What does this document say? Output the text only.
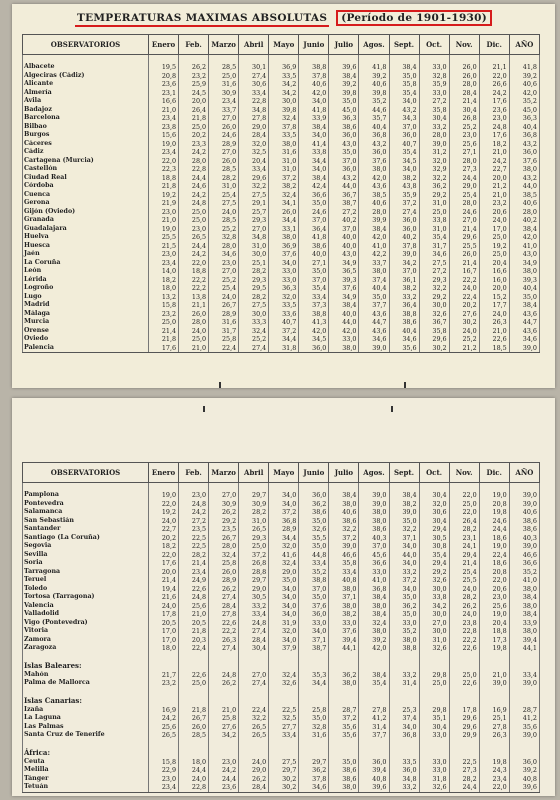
TEMPERATURAS MAXIMAS ABSOLUTAS (Período de 1901-1930)
OBSERVATORIOS	Enero	Feb.	Marzo	Abril	Mayo	Junio	Julio	Agos.	Sept.	Oct.	Nov.	Dic.	AÑO

Albacete	19,5	26,2	28,5	30,1	36,9	38,8	39,6	41,8	38,4	33,0	26,0	21,1	41,8
Algeciras (Cádiz)	20,8	23,2	25,0	27,4	33,5	37,8	38,4	39,2	35,0	32,8	26,0	22,0	39,2
Alicante	23,6	25,9	31,6	30,6	34,2	40,6	39,2	40,6	35,8	35,9	28,0	26,6	40,6
Almería	23,1	24,5	30,9	33,4	34,2	42,0	39,8	39,8	35,4	33,0	28,4	24,2	42,0
Ávila	16,6	20,0	23,4	22,8	30,0	34,0	35,0	35,2	34,0	27,2	21,4	17,6	35,2
Badajoz	21,0	26,4	33,7	34,8	39,8	41,8	45,0	44,6	43,2	35,8	30,4	23,6	45,0
Barcelona	23,4	21,8	27,0	27,8	32,4	33,9	36,3	35,7	34,3	30,4	26,8	23,0	36,3
Bilbao	23,8	25,0	26,0	29,0	37,8	38,4	38,6	40,4	37,0	33,2	25,2	24,8	40,4
Burgos	15,6	20,2	24,6	28,4	33,5	34,0	36,0	36,8	36,0	28,0	23,0	17,6	36,8
Cáceres	19,0	23,3	28,9	32,0	38,0	41,4	43,0	43,2	40,7	39,0	25,6	18,2	43,2
Cádiz	23,4	24,2	27,0	32,5	31,6	33,8	35,0	36,0	35,4	31,2	27,1	21,0	36,0
Cartagena (Murcia)	22,0	28,0	26,0	20,4	31,0	34,4	37,0	37,6	34,5	32,0	28,0	24,2	37,6
Castellón	22,3	22,8	28,5	33,4	31,0	34,0	36,0	38,0	34,0	32,9	27,3	22,7	38,0
Ciudad Real	18,8	24,4	28,2	29,6	37,2	38,4	43,2	42,0	38,2	32,2	24,4	20,0	43,2
Córdoba	21,8	24,6	31,0	32,2	38,2	42,4	44,0	43,6	43,8	36,2	29,0	21,2	44,0
Cuenca	19,2	24,2	25,4	27,5	32,4	36,6	36,7	38,5	35,9	29,2	25,4	21,0	38,5
Gerona	21,9	24,8	27,5	29,1	34,1	35,0	38,7	40,6	37,2	31,0	28,0	23,2	40,6
Gijón (Oviedo)	23,0	25,0	24,0	25,7	26,0	24,6	27,2	28,0	27,4	25,0	24,6	20,6	28,0
Granada	21,0	25,0	28,5	29,3	34,4	37,0	40,2	39,9	36,0	33,8	27,0	24,0	40,2
Guadalajara	19,0	23,0	25,2	27,0	33,1	36,4	37,0	38,4	36,0	31,0	21,4	17,0	38,4
Huelva	25,5	26,5	32,8	34,8	38,0	41,8	40,0	42,0	40,2	35,4	29,6	25,0	42,0
Huesca	21,5	24,4	28,0	31,0	36,9	38,6	40,0	41,0	37,8	31,7	25,5	19,2	41,0
Jaén	23,0	24,2	34,6	30,0	37,6	40,0	43,0	42,2	39,0	34,6	26,0	25,0	43,0
La Coruña	23,4	22,0	23,0	25,1	34,0	27,1	34,9	33,7	34,2	27,5	21,4	20,4	34,9
León	14,0	18,8	27,0	28,2	33,0	35,0	36,5	38,0	37,0	27,2	16,7	16,6	38,0
Lérida	18,2	22,2	25,2	29,3	33,0	37,0	39,3	37,4	36,1	29,3	22,2	16,0	39,3
Logroño	18,0	22,2	25,4	29,5	36,3	35,4	37,6	40,4	38,2	32,2	24,0	20,0	40,4
Lugo	13,2	13,8	24,0	28,2	32,0	33,4	34,9	35,0	33,2	29,2	22,4	15,2	35,0
Madrid	15,8	21,1	26,7	27,5	33,5	37,3	38,4	37,7	36,4	30,0	20,2	17,7	38,4
Málaga	23,2	26,0	28,9	30,0	33,6	38,8	40,0	43,6	38,8	32,6	27,6	24,0	43,6
Murcia	25,0	28,0	31,6	33,3	40,7	41,3	44,0	44,7	38,6	36,7	30,2	26,3	44,7
Orense	21,4	24,0	31,7	32,4	37,2	42,0	42,0	43,6	40,4	35,8	24,0	21,0	43,6
Oviedo	21,8	25,0	25,8	25,2	34,4	34,5	33,0	34,6	34,6	29,6	25,2	22,6	34,6
Palencia	17,6	21,0	22,4	27,4	31,8	36,0	38,0	39,0	35,6	30,2	21,2	18,5	39,0
OBSERVATORIOS	Enero	Feb.	Marzo	Abril	Mayo	Junio	Julio	Agos.	Sept.	Oct.	Nov.	Dic.	AÑO

Pamplona	19,0	23,0	27,0	29,7	34,0	36,0	38,4	39,0	38,4	30,4	22,0	19,0	39,0
Pontevedra	22,0	24,8	30,9	30,9	34,0	36,2	38,0	39,0	38,2	32,0	25,0	20,8	39,0
Salamanca	19,2	24,2	26,2	28,2	37,2	38,6	40,6	38,0	39,0	30,6	22,0	19,8	40,6
San Sebastián	24,0	27,2	29,2	31,0	36,8	35,0	38,6	38,0	35,0	30,4	26,4	24,6	38,6
Santander	22,7	23,5	23,5	26,5	28,9	32,6	32,2	38,6	32,2	29,4	28,2	24,4	38,6
Santiago (La Coruña)	20,2	22,5	26,7	29,3	34,4	35,5	37,2	40,3	37,1	30,5	23,1	18,6	40,3
Segovia	18,2	22,5	28,0	25,0	32,0	35,0	39,0	37,0	34,0	30,8	24,1	19,0	39,0
Sevilla	22,0	28,2	32,4	37,2	41,6	44,8	46,6	45,6	44,0	35,4	29,4	22,4	46,6
Soria	17,6	21,4	25,8	26,8	32,4	33,4	35,8	36,6	34,0	29,4	21,4	18,6	36,6
Tarragona	20,0	23,4	26,0	28,8	29,0	35,2	33,4	33,0	33,2	29,2	25,4	20,8	35,2
Teruel	21,4	24,9	28,9	29,7	35,0	38,8	40,8	41,0	37,2	32,6	25,5	22,0	41,0
Toledo	19,4	22,6	26,2	29,0	34,0	37,0	38,0	36,8	34,0	30,0	24,0	20,6	38,0
Tortosa (Tarragona)	21,6	24,8	27,4	30,5	34,0	35,0	37,1	38,4	35,0	33,8	28,2	23,0	38,4
Valencia	24,0	25,6	28,4	33,2	34,0	37,6	38,0	38,0	36,2	34,2	26,2	25,6	38,0
Valladolid	17,8	21,0	27,8	33,4	34,0	36,0	38,2	38,4	35,0	30,0	24,0	19,0	38,4
Vigo (Pontevedra)	20,5	20,5	22,6	24,8	31,9	33,0	33,0	32,4	33,0	27,0	23,8	20,4	33,9
Vitoria	17,0	21,8	22,2	27,4	32,0	34,0	37,6	38,0	35,2	30,0	22,8	18,8	38,0
Zamora	17,0	20,3	26,3	28,4	34,0	37,1	39,4	39,2	38,0	31,0	22,2	17,3	39,4
Zaragoza	18,0	22,4	27,4	30,4	37,9	38,7	44,1	42,0	38,8	32,6	22,6	19,8	44,1

Islas Baleares:													
Mahón	21,7	22,6	24,8	27,0	32,4	35,3	36,2	38,4	33,2	29,8	25,0	21,0	33,4
Palma de Mallorca	23,2	25,0	26,2	27,4	32,6	34,4	38,0	35,4	31,4	25,0	22,6	39,0	39,0

Islas Canarias:													
Izaña	16,9	21,8	21,0	22,4	22,5	25,8	28,7	27,8	25,3	29,8	17,8	16,9	28,7
La Laguna	24,2	26,7	25,8	32,2	32,5	35,0	37,2	41,2	37,4	35,1	29,6	25,1	41,2
Las Palmas	25,6	26,0	27,6	26,5	27,7	32,8	35,6	31,4	34,0	30,4	29,6	27,8	35,6
Santa Cruz de Tenerife	26,5	28,5	34,2	26,5	33,4	31,6	35,6	37,7	36,8	33,0	29,9	26,3	39,0

África:													
Ceuta	15,8	18,0	23,0	24,0	27,5	29,7	35,0	36,0	33,5	33,0	22,5	19,8	36,0
Melilla	22,9	24,4	24,2	29,0	29,7	36,2	38,6	39,4	36,0	33,0	27,3	24,3	39,2
Tánger	23,0	24,0	24,4	26,2	30,2	37,8	38,6	40,8	34,8	31,8	28,2	23,4	40,8
Tetuán	23,4	22,8	23,6	28,4	30,2	34,6	38,0	39,6	33,2	32,6	24,4	22,0	39,6
